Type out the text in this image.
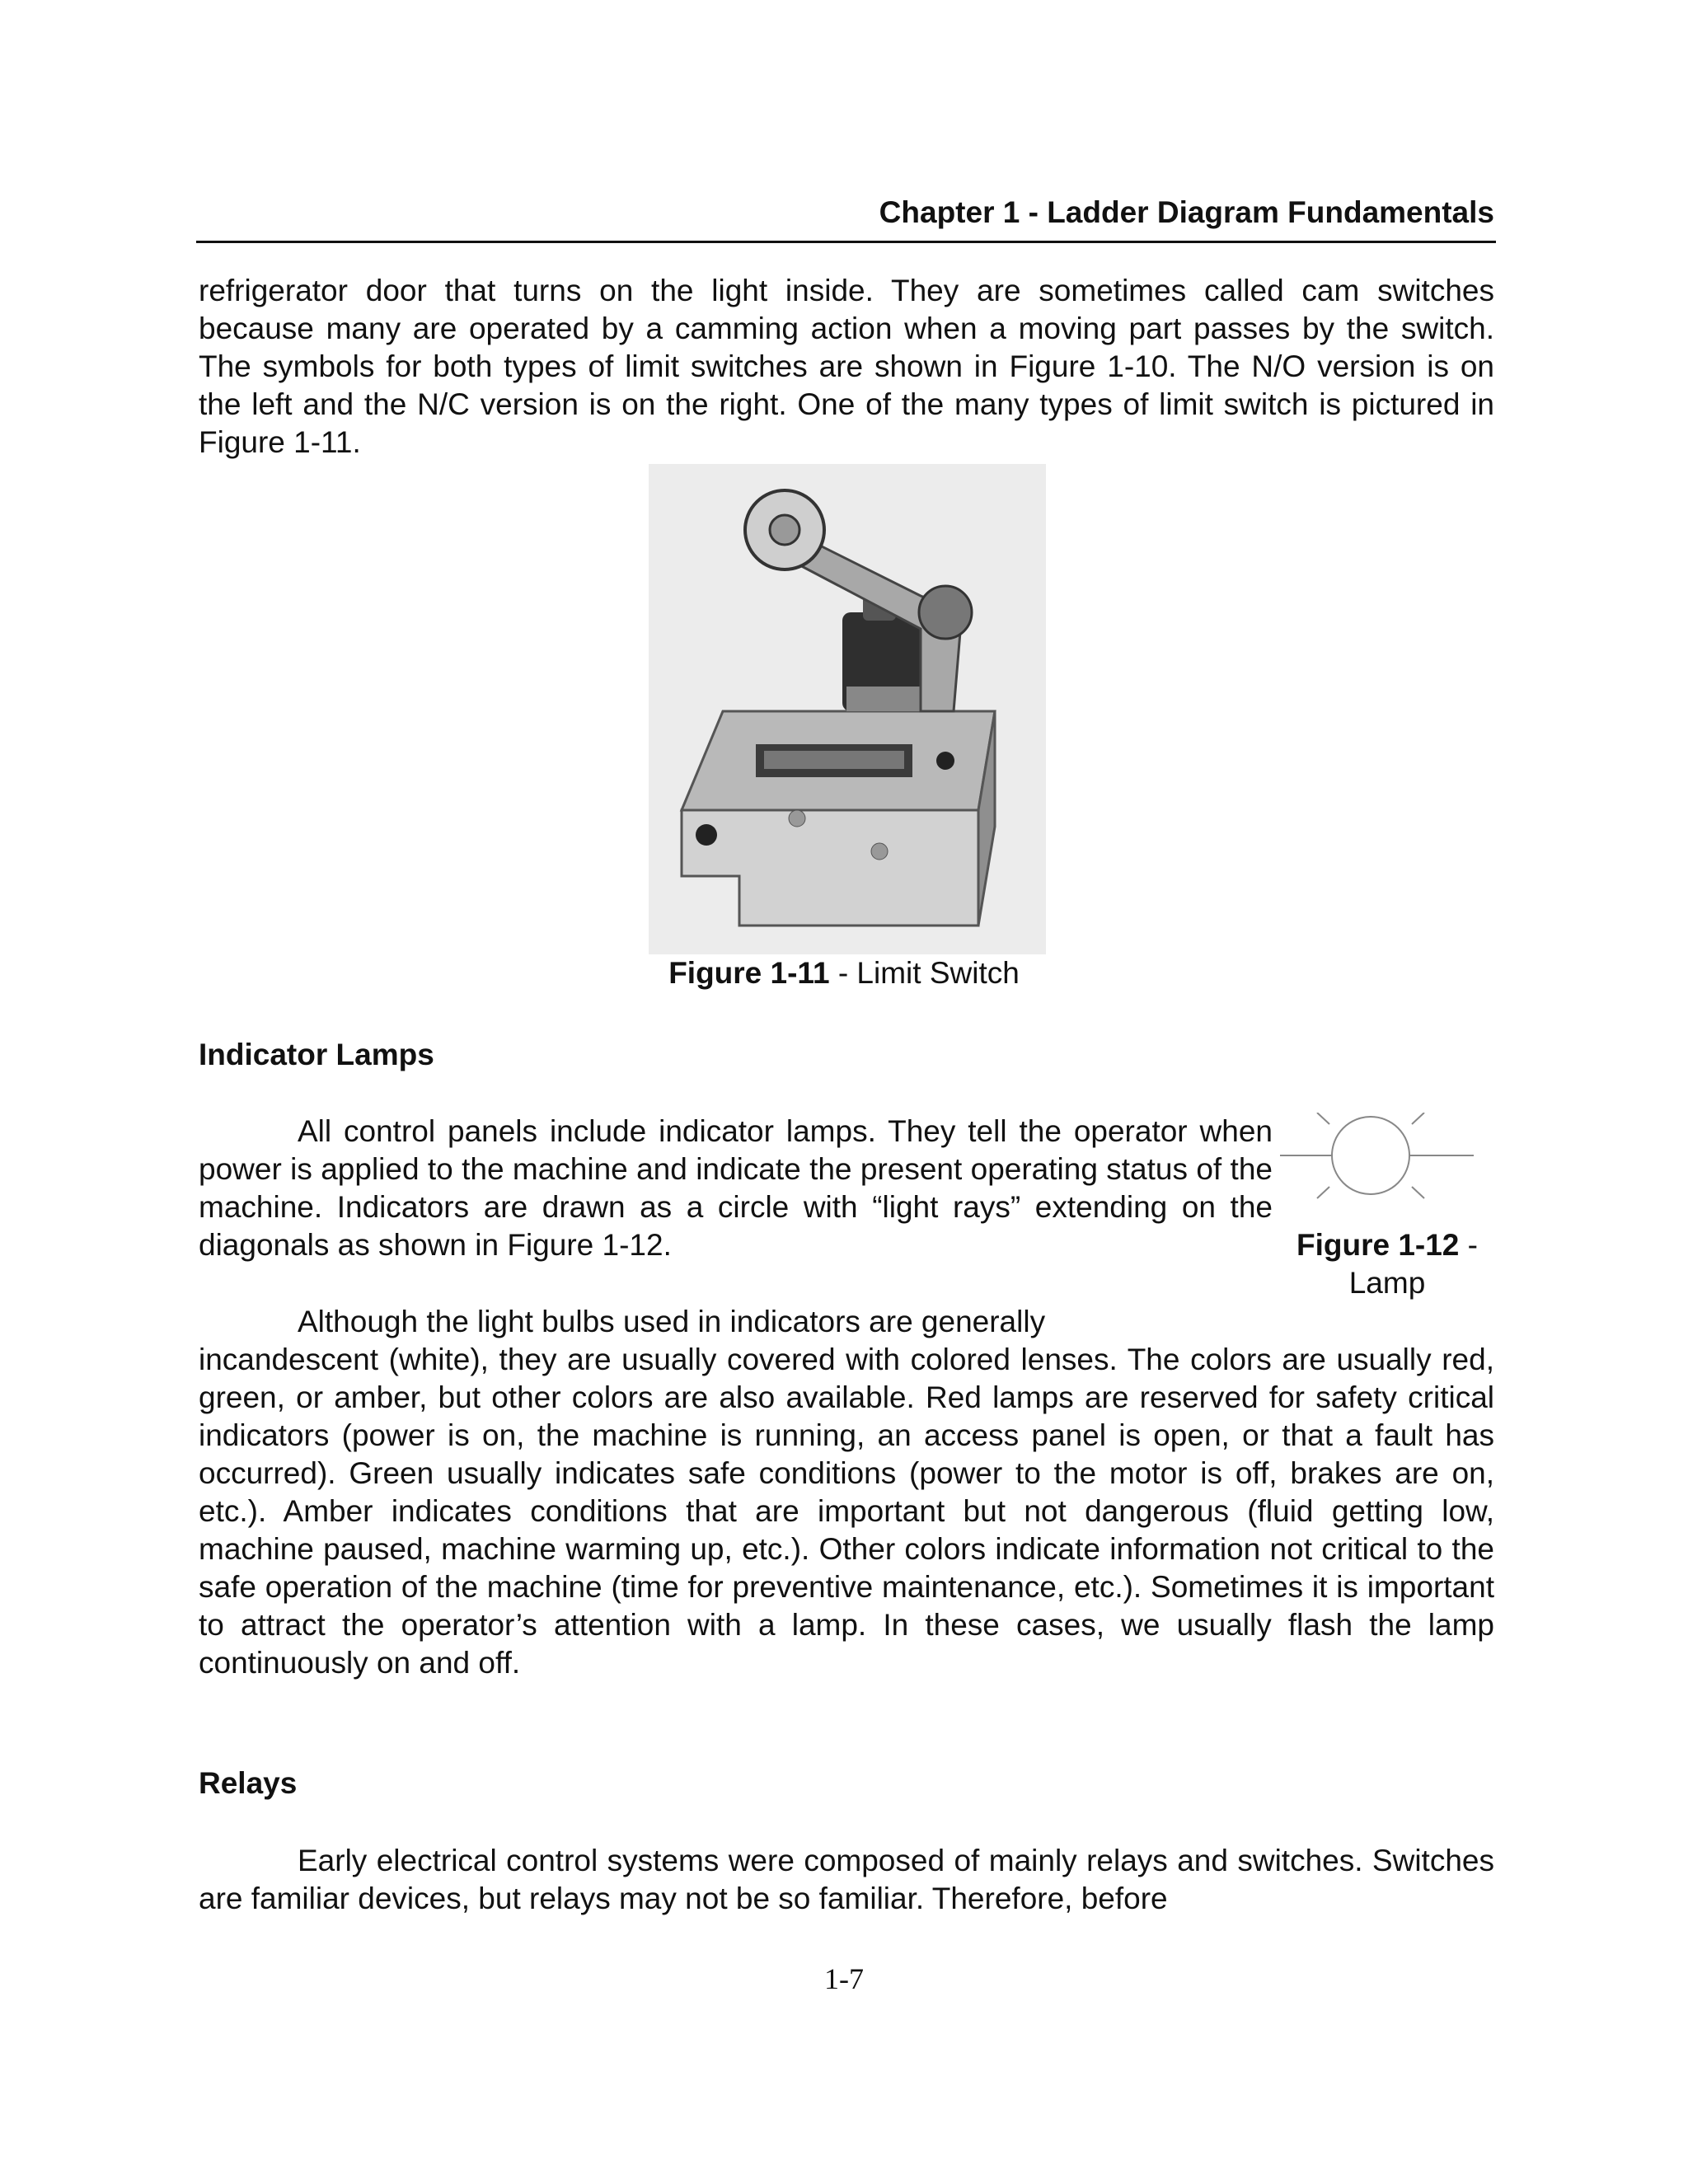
Chapter 1 - Ladder Diagram Fundamentals

refrigerator door that turns on the light inside. They are sometimes called cam switches because many are operated by a camming action when a moving part passes by the switch. The symbols for both types of limit switches are shown in Figure 1-10. The N/O version is on the left and the N/C version is on the right. One of the many types of limit switch is pictured in Figure 1-11.

Figure 1-11 - Limit Switch
Indicator Lamps

All control panels include indicator lamps. They tell the operator when power is applied to the machine and indicate the present operating status of the machine. Indicators are drawn as a circle with “light rays” extending on the diagonals as shown in Figure 1-12.	Figure 1-12 -
Lamp

Although the light bulbs used in indicators are generally
incandescent (white), they are usually covered with colored lenses. The colors are usually red, green, or amber, but other colors are also available. Red lamps are reserved for safety critical indicators (power is on, the machine is running, an access panel is open, or that a fault has occurred). Green usually indicates safe conditions (power to the motor is off, brakes are on, etc.). Amber indicates conditions that are important but not dangerous (fluid getting low, machine paused, machine warming up, etc.). Other colors indicate information not critical to the safe operation of the machine (time for preventive maintenance, etc.). Sometimes it is important to attract the operator’s attention with a lamp. In these cases, we usually flash the lamp continuously on and off.

Relays

Early electrical control systems were composed of mainly relays and switches. Switches are familiar devices, but relays may not be so familiar. Therefore, before

1-7
